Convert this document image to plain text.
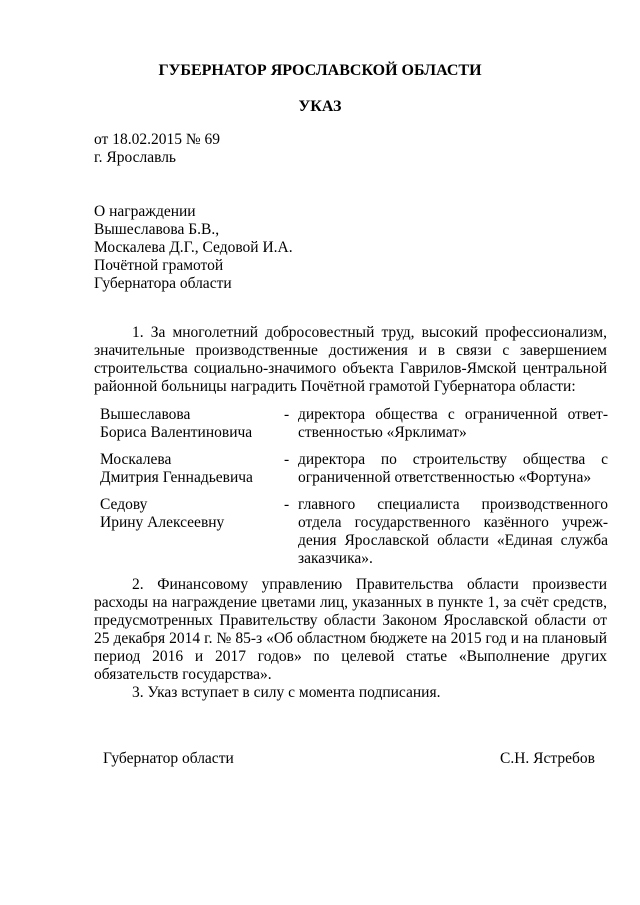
ГУБЕРНАТОР ЯРОСЛАВСКОЙ ОБЛАСТИ
УКАЗ
от 18.02.2015 № 69
г. Ярославль
О награждении
Вышеславова Б.В.,
Москалева Д.Г., Седовой И.А.
Почётной грамотой
Губернатора области

1. За многолетний добросовестный труд, высокий профессионализм, значительные производственные достижения и в связи с завершением строительства социально-значимого объекта Гаврилов-Ямской центральной районной больницы наградить Почётной грамотой Губернатора области:

Вышеславова
Бориса Валентиновича
- директора общества с ограниченной ответ-ственностью «Ярклимат»
Москалева
Дмитрия Геннадьевича
- директора по строительству общества с ограниченной ответственностью «Фортуна»
Седову
Ирину Алексеевну
- главного специалиста производственного отдела государственного казённого учреж-дения Ярославской области «Единая служба заказчика».

2. Финансовому управлению Правительства области произвести расходы на награждение цветами лиц, указанных в пункте 1, за счёт средств, предусмотренных Правительству области Законом Ярославской области от 25 декабря 2014 г. № 85-з «Об областном бюджете на 2015 год и на плановый период 2016 и 2017 годов» по целевой статье «Выполнение других обязательств государства».

3. Указ вступает в силу с момента подписания.

Губернатор области	С.Н. Ястребов
